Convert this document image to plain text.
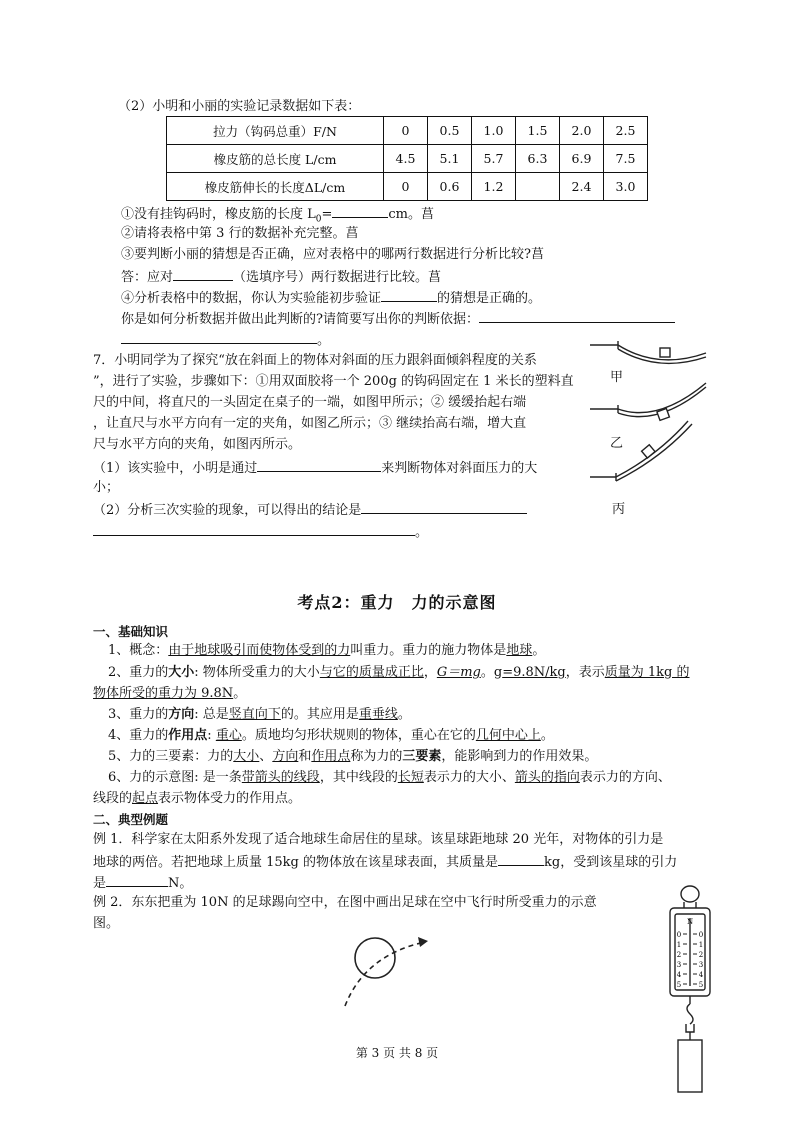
（2）小明和小丽的实验记录数据如下表：
拉力（钩码总重）F/N	0	0.5	1.0	1.5	2.0	2.5
橡皮筋的总长度 L/cm	4.5	5.1	5.7	6.3	6.9	7.5
橡皮筋伸长的长度ΔL/cm	0	0.6	1.2		2.4	3.0
①没有挂钩码时，橡皮筋的长度 $L_0=$	cm。菖
②请将表格中第 3 行的数据补充完整。菖
③要判断小丽的猜想是否正确，应对表格中的哪两行数据进行分析比较?菖
答：应对	（选填序号）两行数据进行比较。菖
④分析表格中的数据，你认为实验能初步验证	的猜想是正确的。
你是如何分析数据并做出此判断的?请简要写出你的判断依据：
。
7．小明同学为了探究“放在斜面上的物体对斜面的压力跟斜面倾斜程度的关系
”，进行了实验，步骤如下：①用双面胶将一个 200g 的钩码固定在 1 米长的塑料直
尺的中间，将直尺的一头固定在桌子的一端，如图甲所示；② 缓缓抬起右端
，让直尺与水平方向有一定的夹角，如图乙所示；③ 继续抬高右端，增大直
尺与水平方向的夹角，如图丙所示。
（1）该实验中，小明是通过	来判断物体对斜面压力的大
小；
（2）分析三次实验的现象，可以得出的结论是
。
甲
乙
丙
考点2：重力　力的示意图
一、基础知识
1、概念：由于地球吸引而使物体受到的力叫重力。重力的施力物体是地球。
2、重力的大小: 物体所受重力的大小与它的质量成正比，G＝mg。g=9.8N/kg，表示质量为 1kg 的
物体所受的重力为 9.8N。
3、重力的方向: 总是竖直向下的。其应用是重垂线。
4、重力的作用点: 重心。质地均匀形状规则的物体，重心在它的几何中心上。
5、力的三要素：力的大小、方向和作用点称为力的三要素，能影响到力的作用效果。
6、力的示意图: 是一条带箭头的线段，其中线段的长短表示力的大小、箭头的指向表示力的方向、
线段的起点表示物体受力的作用点。
二、典型例题
例 1．科学家在太阳系外发现了适合地球生命居住的星球。该星球距地球 20 光年，对物体的引力是
地球的两倍。若把地球上质量 15kg 的物体放在该星球表面，其质量是	kg，受到该星球的引力
是	N。
例 2．东东把重为 10N 的足球踢向空中，在图中画出足球在空中飞行时所受重力的示意
图。	N
0	0
1	1
2	2
3	3
4	4
5	5
第 3 页 共 8 页
